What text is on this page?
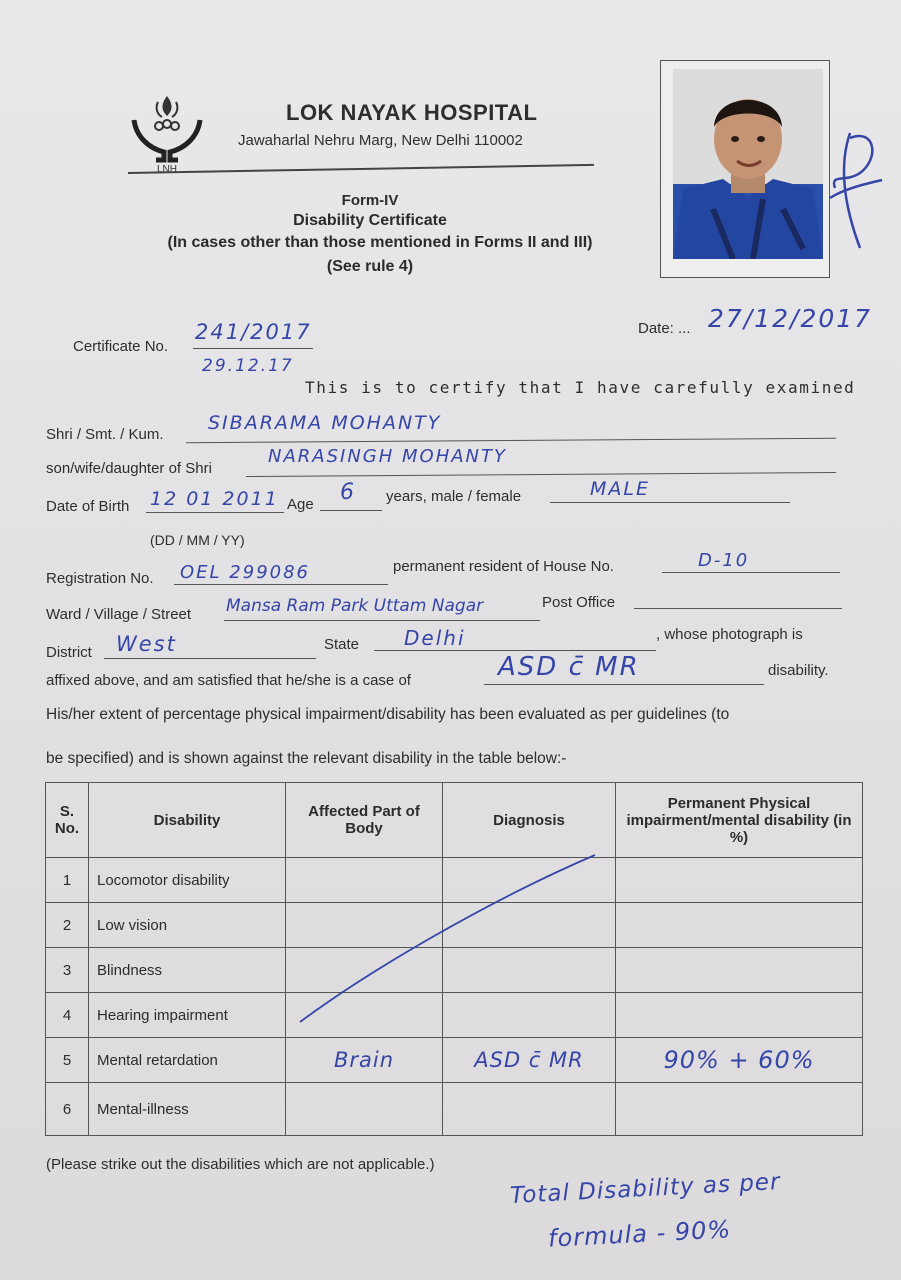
LNH
LOK NAYAK HOSPITAL
Jawaharlal Nehru Marg, New Delhi 110002
Form-IV
Disability Certificate
(In cases other than those mentioned in Forms II and III)
(See rule 4)
Certificate No.
241/2017
29.12.17
Date: ... 27/12/2017
This is to certify that I have carefully examined
Shri / Smt. / Kum.
SIBARAMA MOHANTY
son/wife/daughter of Shri
NARASINGH MOHANTY
Date of Birth 12 01 2011 Age 6 years, male / female	MALE
(DD / MM / YY)
Registration No. OEL 299086	permanent resident of House No.	D-10
Ward / Village / Street Mansa Ram Park Uttam Nagar	Post Office
District West	State Delhi	, whose photograph is
affixed above, and am satisfied that he/she is a case of	ASD c̄ MR	disability.
His/her extent of percentage physical impairment/disability has been evaluated as per guidelines (to
be specified) and is shown against the relevant disability in the table below:-
S. No.	Disability	Affected Part of Body	Diagnosis	Permanent Physical impairment/mental disability (in %)
1	Locomotor disability			
2	Low vision			
3	Blindness			
4	Hearing impairment			
5	Mental retardation	Brain	ASD c̄ MR	90% + 60%
6	Mental-illness			
(Please strike out the disabilities which are not applicable.)
Total Disability as per
formula - 90%
